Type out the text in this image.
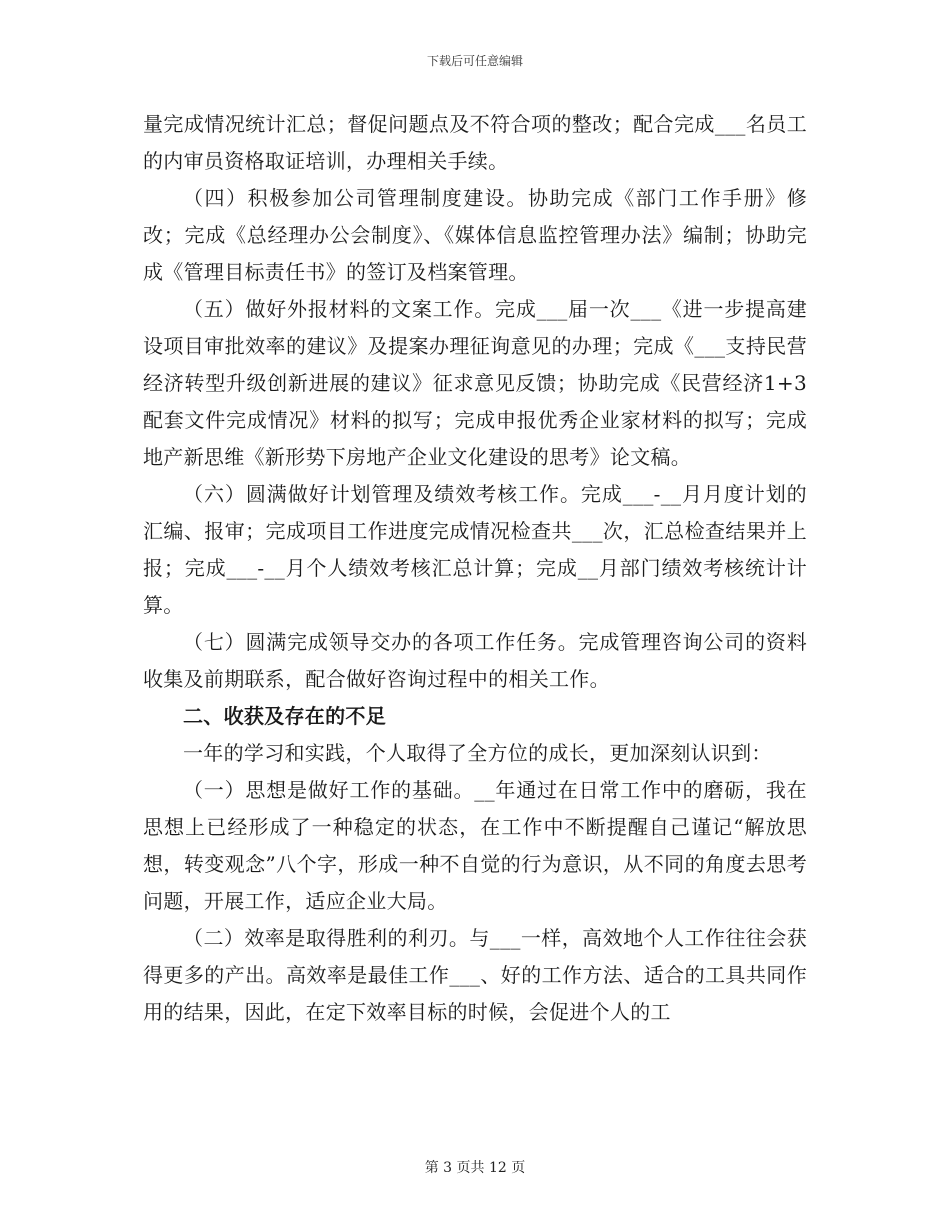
下载后可任意编辑

量完成情况统计汇总；督促问题点及不符合项的整改；配合完成___名员工的内审员资格取证培训，办理相关手续。

（四）积极参加公司管理制度建设。协助完成《部门工作手册》修改；完成《总经理办公会制度》、《媒体信息监控管理办法》编制；协助完成《管理目标责任书》的签订及档案管理。

（五）做好外报材料的文案工作。完成___届一次___《进一步提高建设项目审批效率的建议》及提案办理征询意见的办理；完成《___支持民营经济转型升级创新进展的建议》征求意见反馈；协助完成《民营经济1+3配套文件完成情况》材料的拟写；完成申报优秀企业家材料的拟写；完成地产新思维《新形势下房地产企业文化建设的思考》论文稿。

（六）圆满做好计划管理及绩效考核工作。完成___-__月月度计划的汇编、报审；完成项目工作进度完成情况检查共___次，汇总检查结果并上报；完成___-__月个人绩效考核汇总计算；完成__月部门绩效考核统计计算。

（七）圆满完成领导交办的各项工作任务。完成管理咨询公司的资料收集及前期联系，配合做好咨询过程中的相关工作。

二、收获及存在的不足

一年的学习和实践，个人取得了全方位的成长，更加深刻认识到：

（一）思想是做好工作的基础。__年通过在日常工作中的磨砺，我在思想上已经形成了一种稳定的状态，在工作中不断提醒自己谨记“解放思想，转变观念”八个字，形成一种不自觉的行为意识，从不同的角度去思考问题，开展工作，适应企业大局。

（二）效率是取得胜利的利刃。与___一样，高效地个人工作往往会获得更多的产出。高效率是最佳工作___、好的工作方法、适合的工具共同作用的结果，因此，在定下效率目标的时候，会促进个人的工

第 3 页共 12 页
